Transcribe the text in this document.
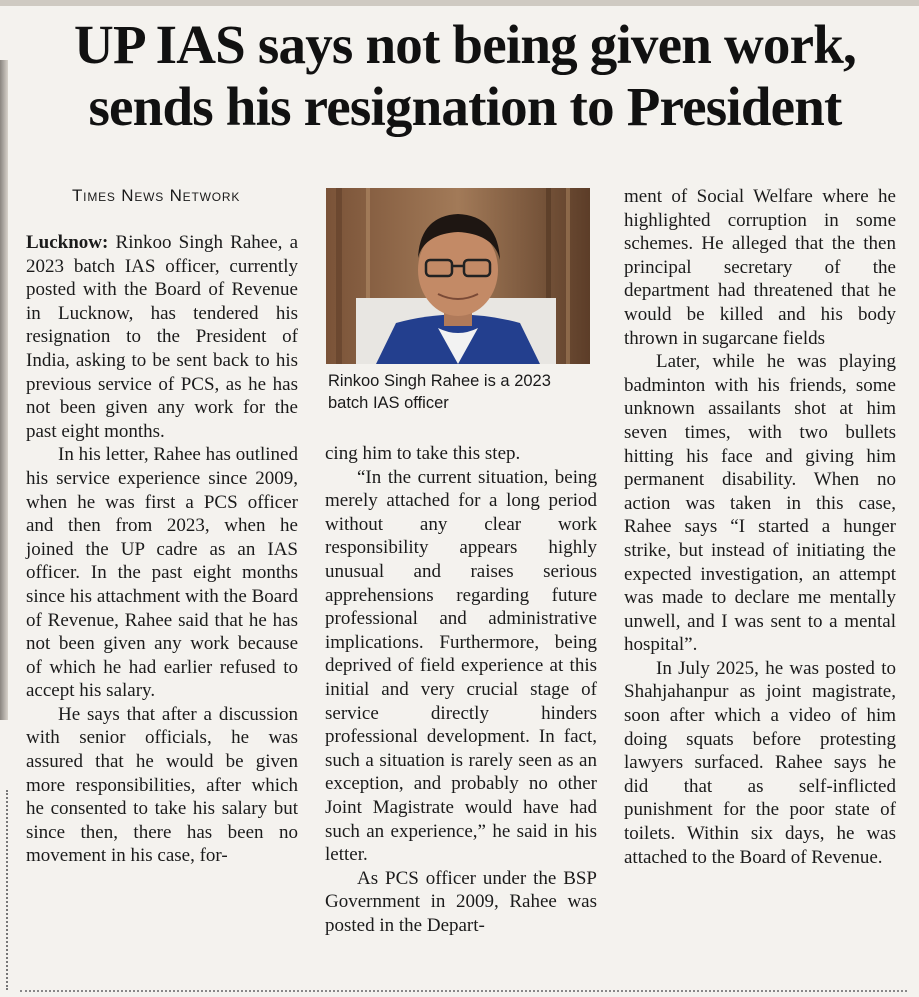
UP IAS says not being given work, sends his resignation to President
Times News Network

Lucknow: Rinkoo Singh Rahee, a 2023 batch IAS officer, currently posted with the Board of Revenue in Lucknow, has tendered his resignation to the President of India, asking to be sent back to his previous service of PCS, as he has not been given any work for the past eight months.

In his letter, Rahee has outlined his service experience since 2009, when he was first a PCS officer and then from 2023, when he joined the UP cadre as an IAS officer. In the past eight months since his attachment with the Board of Revenue, Rahee said that he has not been given any work because of which he had earlier refused to accept his salary.

He says that after a discussion with senior officials, he was assured that he would be given more responsibilities, after which he consented to take his salary but since then, there has been no movement in his case, for-

Rinkoo Singh Rahee is a 2023 batch IAS officer

cing him to take this step.

“In the current situation, being merely attached for a long period without any clear work responsibility appears highly unusual and raises serious apprehensions regarding future professional and administrative implications. Furthermore, being deprived of field experience at this initial and very crucial stage of service directly hinders professional development. In fact, such a situation is rarely seen as an exception, and probably no other Joint Magistrate would have had such an experience,” he said in his letter.

As PCS officer under the BSP Government in 2009, Rahee was posted in the Depart-

ment of Social Welfare where he highlighted corruption in some schemes. He alleged that the then principal secretary of the department had threatened that he would be killed and his body thrown in sugarcane fields

Later, while he was playing badminton with his friends, some unknown assailants shot at him seven times, with two bullets hitting his face and giving him permanent disability. When no action was taken in this case, Rahee says “I started a hunger strike, but instead of initiating the expected investigation, an attempt was made to declare me mentally unwell, and I was sent to a mental hospital”.

In July 2025, he was posted to Shahjahanpur as joint magistrate, soon after which a video of him doing squats before protesting lawyers surfaced. Rahee says he did that as self-inflicted punishment for the poor state of toilets. Within six days, he was attached to the Board of Revenue.
